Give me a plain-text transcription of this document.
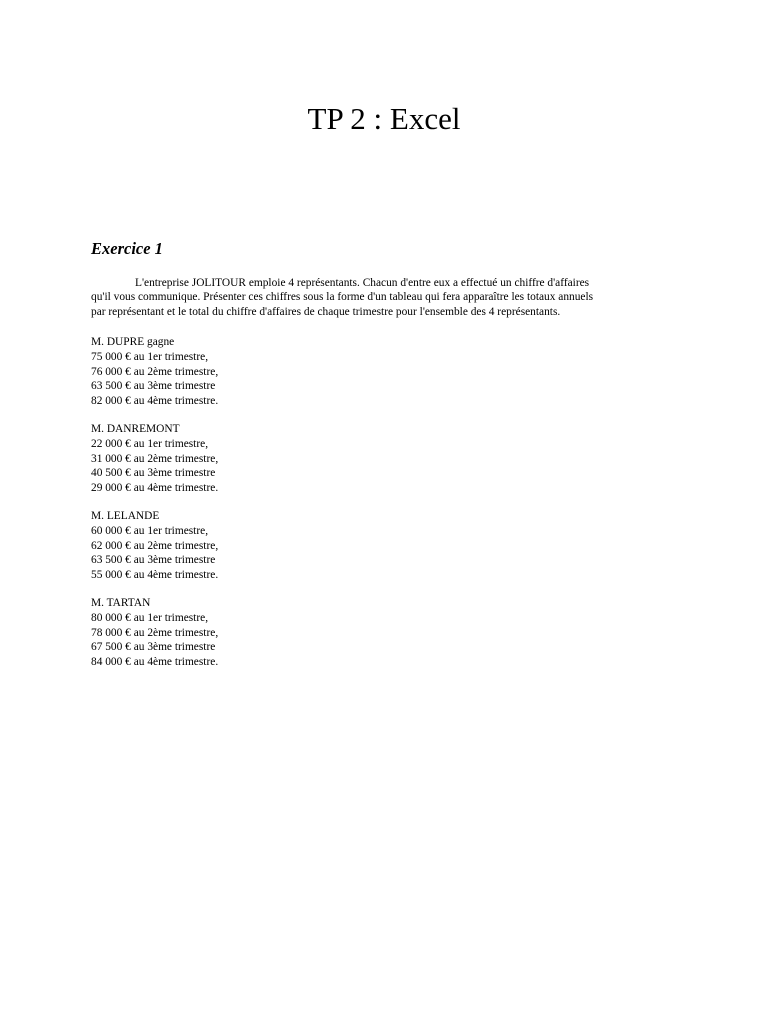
TP 2 : Excel
Exercice 1

L'entreprise JOLITOUR emploie 4 représentants. Chacun d'entre eux a effectué un chiffre d'affaires
qu'il vous communique. Présenter ces chiffres sous la forme d'un tableau qui fera apparaître les totaux annuels
par représentant et le total du chiffre d'affaires de chaque trimestre pour l'ensemble des 4 représentants.

M. DUPRE gagne
75 000 € au 1er trimestre,
76 000 € au 2ème trimestre,
63 500 € au 3ème trimestre
82 000 € au 4ème trimestre.
M. DANREMONT
22 000 € au 1er trimestre,
31 000 € au 2ème trimestre,
40 500 € au 3ème trimestre
29 000 € au 4ème trimestre.
M. LELANDE
60 000 € au 1er trimestre,
62 000 € au 2ème trimestre,
63 500 € au 3ème trimestre
55 000 € au 4ème trimestre.
M. TARTAN
80 000 € au 1er trimestre,
78 000 € au 2ème trimestre,
67 500 € au 3ème trimestre
84 000 € au 4ème trimestre.
